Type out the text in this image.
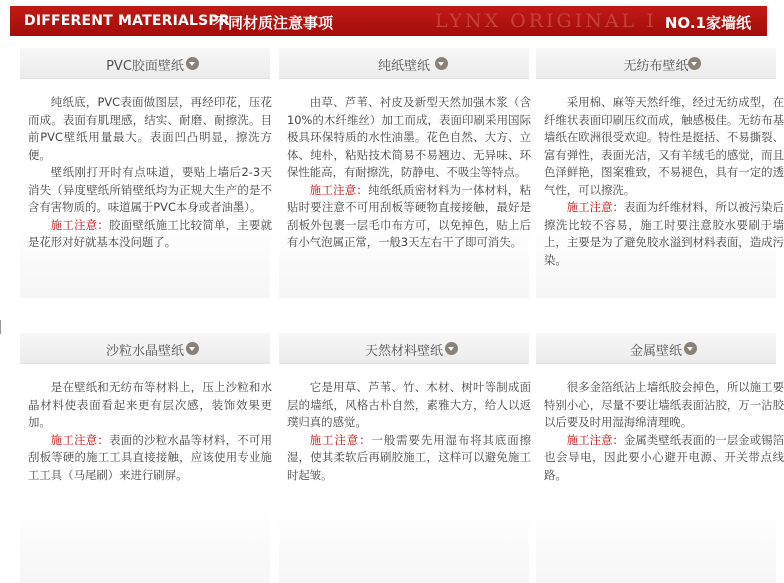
DIFFERENT MATERIALSPR ·
不同材质注意事项	LYNX ORIGINAL I NO.1家墙纸
PVC胶面壁纸

纯纸底，PVC表面做图层，再经印花，压花而成。表面有肌理感，结实、耐磨、耐擦洗。目前PVC壁纸用量最大。表面凹凸明显，擦洗方便。

壁纸刚打开时有点味道，要贴上墙后2-3天消失（异度壁纸所销壁纸均为正规大生产的是不含有害物质的。味道属于PVC本身或者油墨）。

施工注意：胶面壁纸施工比较简单，主要就是花形对好就基本没问题了。

纯纸壁纸

由草、芦苇、衬皮及新型天然加强木浆（含10%的木纤维丝）加工而成，表面印刷采用国际极具环保特质的水性油墨。花色自然、大方、立体、纯朴，粘贴技术简易不易翘边、无异味、环保性能高，有耐擦洗，防静电、不吸尘等特点。

施工注意：纯纸纸质密材料为一体材料，粘贴时要注意不可用刮板等硬物直接接触，最好是刮板外包裹一层毛巾布方可，以免掉色，贴上后有小气泡属正常，一般3天左右干了即可消失。

无纺布壁纸

采用棉、麻等天然纤维，经过无纺成型，在纤维状表面印刷压纹而成，触感极佳。无纺布基墙纸在欧洲很受欢迎。特性是挺括、不易撕裂、富有弹性，表面光洁，又有羊绒毛的感觉，而且色泽鲜艳，图案雅致，不易褪色，具有一定的透气性，可以擦洗。

施工注意：表面为纤维材料，所以被污染后擦洗比较不容易，施工时要注意胶水要刷于墙上，主要是为了避免胶水溢到材料表面，造成污染。

沙粒水晶壁纸

是在壁纸和无纺布等材料上，压上沙粒和水晶材料使表面看起来更有层次感，装饰效果更加。

施工注意：表面的沙粒水晶等材料，不可用刮板等硬的施工工具直接接触，应该使用专业施工工具（马尾刷）来进行刷屏。

天然材料壁纸

它是用草、芦苇、竹、木材、树叶等制成面层的墙纸，风格古朴自然，素雅大方，给人以返璞归真的感觉。

施工注意：一般需要先用湿布将其底面擦湿，使其柔软后再刷胶施工，这样可以避免施工时起皱。

金属壁纸

很多金箔纸沾上墙纸胶会掉色，所以施工要特别小心，尽量不要让墙纸表面沾胶，万一沾胶以后要及时用湿海绵清理晚。

施工注意：金属类壁纸表面的一层金或锡箔也会导电，因此要小心避开电源、开关带点线路。
